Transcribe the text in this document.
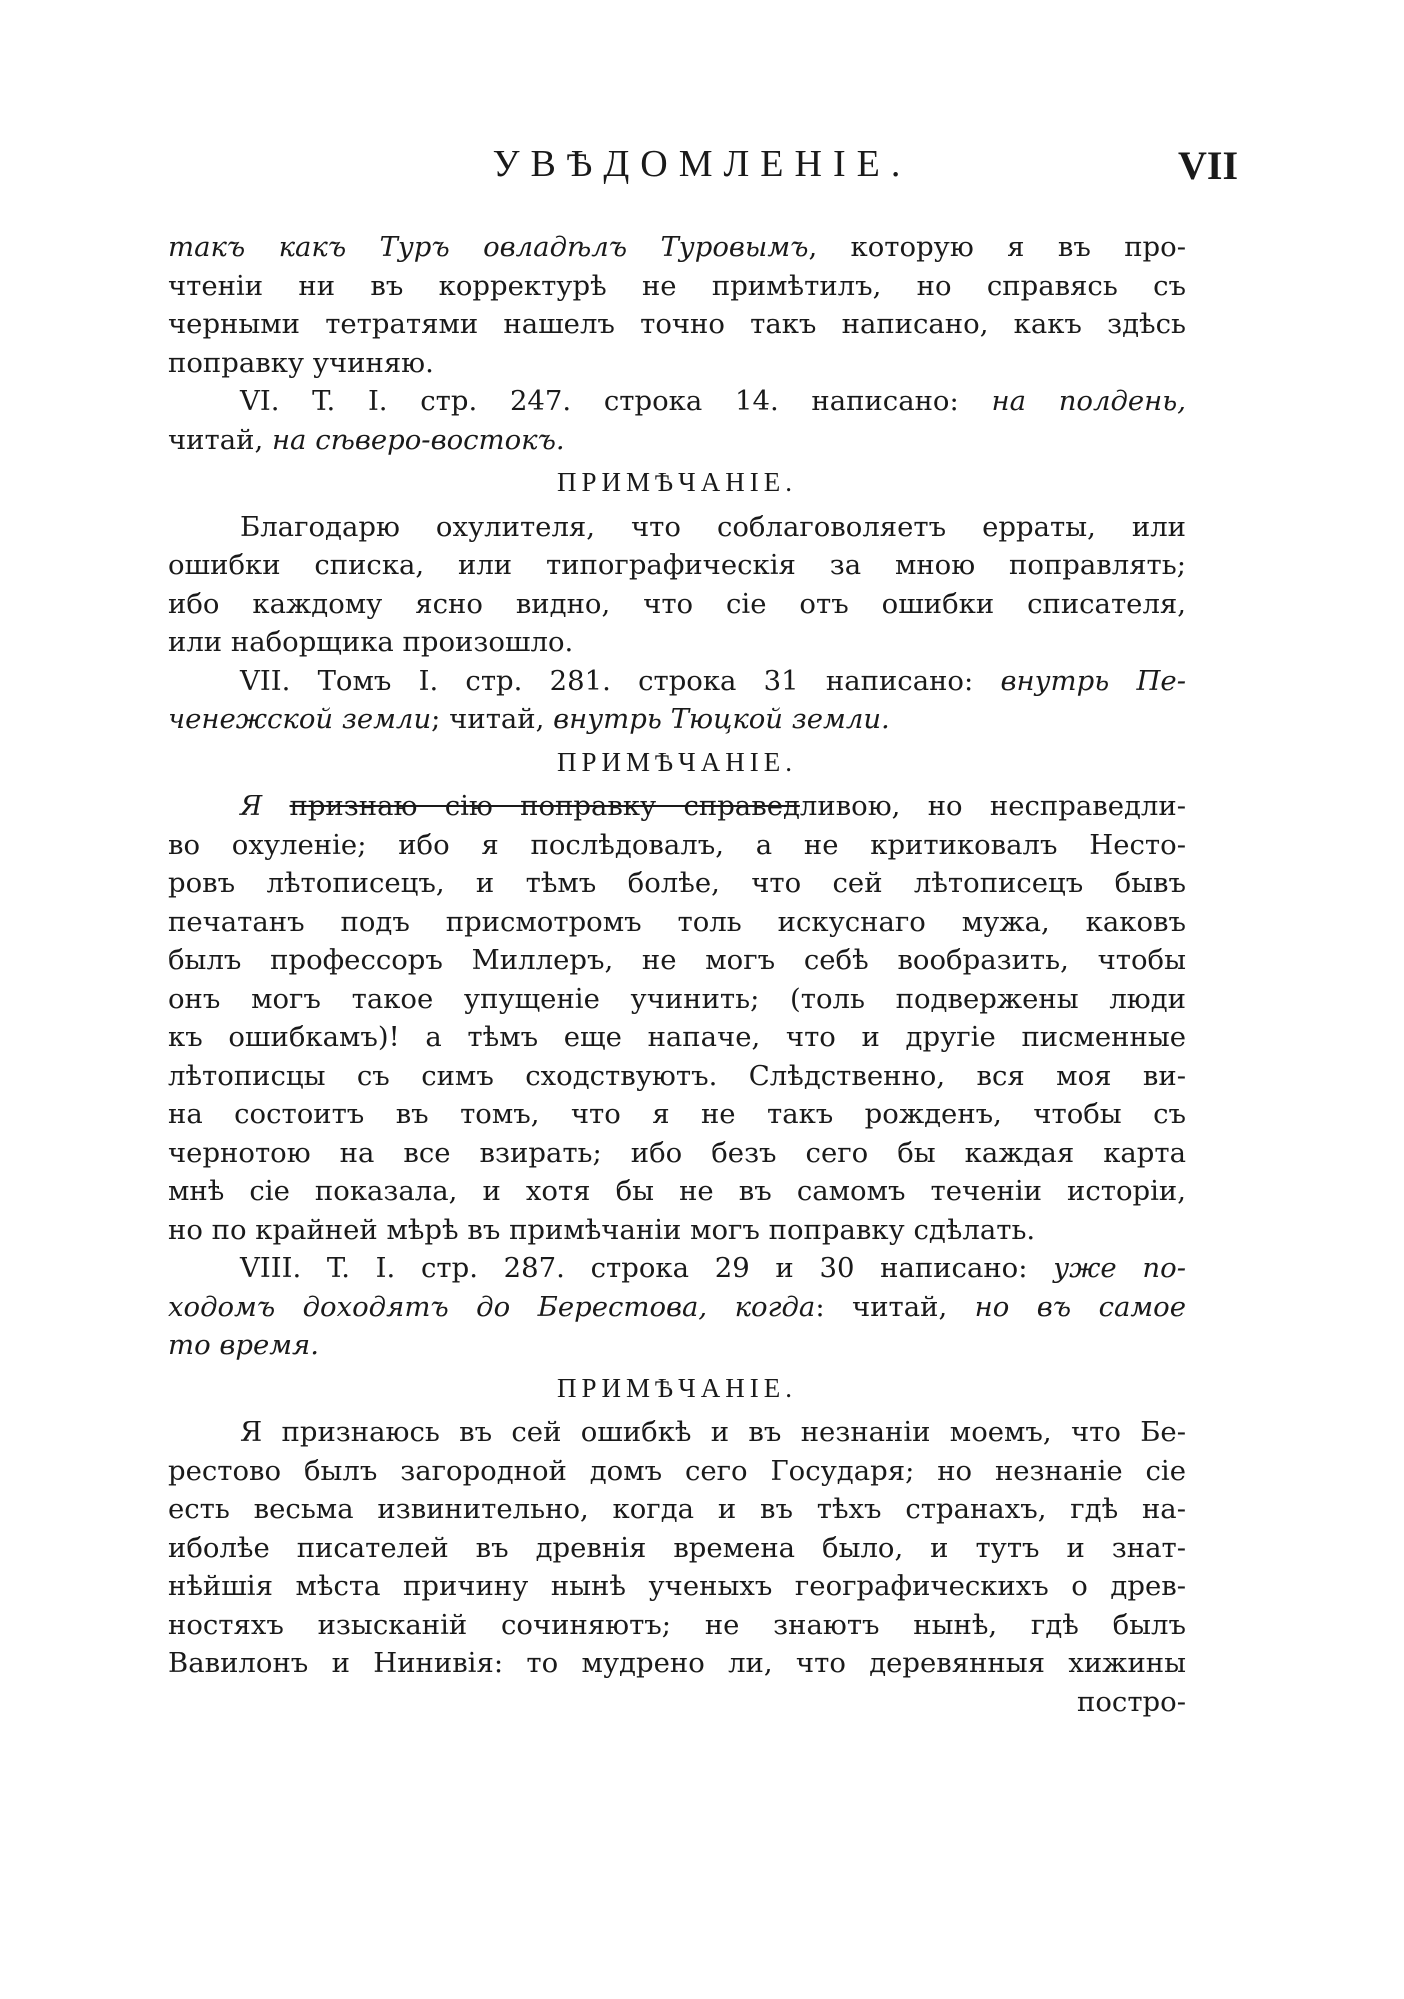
УВѢДОМЛЕНІЕ.	VII
такъ какъ Туръ овладѣлъ Туровымъ, которую я въ про-
чтеніи ни въ корректурѣ не примѣтилъ, но справясь съ
черными тетратями нашелъ точно такъ написано, какъ здѣсь
поправку учиняю.
VI. T. I. стр. 247. строка 14. написано: на полдень,
читай, на сѣверо-востокъ.
ПРИМѢЧАНІЕ.
Благодарю охулителя, что соблаговоляетъ ерраты, или
ошибки списка, или типографическія за мною поправлять;
ибо каждому ясно видно, что сіе отъ ошибки списателя,
или наборщика произошло.
VII. Томъ I. стр. 281. строка 31 написано: внутрь Пе-
ченежской земли; читай, внутрь Тюцкой земли.
ПРИМѢЧАНІЕ.
Я признаю сію поправку справедливою, но несправедли-
во охуленіе; ибо я послѣдовалъ, а не критиковалъ Несто-
ровъ лѣтописецъ, и тѣмъ болѣе, что сей лѣтописецъ бывъ
печатанъ подъ присмотромъ толь искуснаго мужа, каковъ
былъ профессоръ Миллеръ, не могъ себѣ вообразить, чтобы
онъ могъ такое упущеніе учинить; (толь подвержены люди
къ ошибкамъ)! а тѣмъ еще напаче, что и другіе писменные
лѣтописцы съ симъ сходствуютъ. Слѣдственно, вся моя ви-
на состоитъ въ томъ, что я не такъ рожденъ, чтобы съ
чернотою на все взирать; ибо безъ сего бы каждая карта
мнѣ сіе показала, и хотя бы не въ самомъ теченіи исторіи,
но по крайней мѣрѣ въ примѣчаніи могъ поправку сдѣлать.
VIII. T. I. стр. 287. строка 29 и 30 написано: уже по-
ходомъ доходятъ до Берестова, когда: читай, но въ самое
то время.
ПРИМѢЧАНІЕ.
Я признаюсь въ сей ошибкѣ и въ незнаніи моемъ, что Бе-
рестово былъ загородной домъ сего Государя; но незнаніе сіе
есть весьма извинительно, когда и въ тѣхъ странахъ, гдѣ на-
иболѣе писателей въ древнія времена было, и тутъ и знат-
нѣйшія мѣста причину нынѣ ученыхъ географическихъ о древ-
ностяхъ изысканій сочиняютъ; не знаютъ нынѣ, гдѣ былъ
Вавилонъ и Нинивія: то мудрено ли, что деревянныя хижины
постро-
